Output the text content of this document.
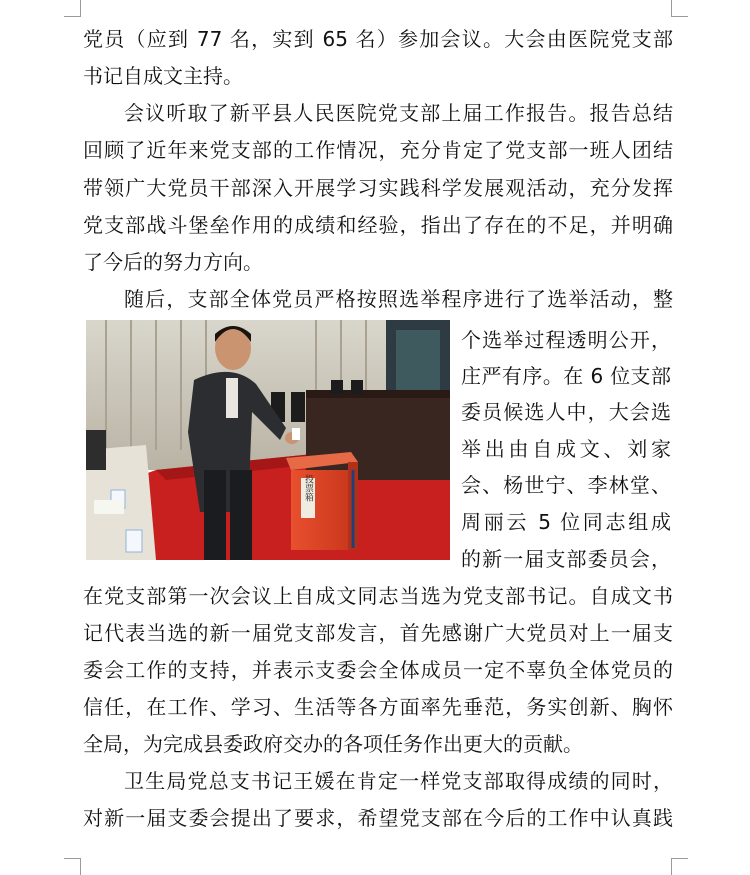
党员（应到 77 名，实到 65 名）参加会议。大会由医院党支部
书记自成文主持。
会议听取了新平县人民医院党支部上届工作报告。报告总结
回顾了近年来党支部的工作情况，充分肯定了党支部一班人团结
带领广大党员干部深入开展学习实践科学发展观活动，充分发挥
党支部战斗堡垒作用的成绩和经验，指出了存在的不足，并明确
了今后的努力方向。
随后，支部全体党员严格按照选举程序进行了选举活动，整
投票箱
个选举过程透明公开，
庄严有序。在 6 位支部
委员候选人中，大会选
举出由自成文、刘家
会、杨世宁、李林堂、
周丽云 5 位同志组成
的新一届支部委员会，
在党支部第一次会议上自成文同志当选为党支部书记。自成文书
记代表当选的新一届党支部发言，首先感谢广大党员对上一届支
委会工作的支持，并表示支委会全体成员一定不辜负全体党员的
信任，在工作、学习、生活等各方面率先垂范，务实创新、胸怀
全局，为完成县委政府交办的各项任务作出更大的贡献。
卫生局党总支书记王媛在肯定一样党支部取得成绩的同时，
对新一届支委会提出了要求，希望党支部在今后的工作中认真践
